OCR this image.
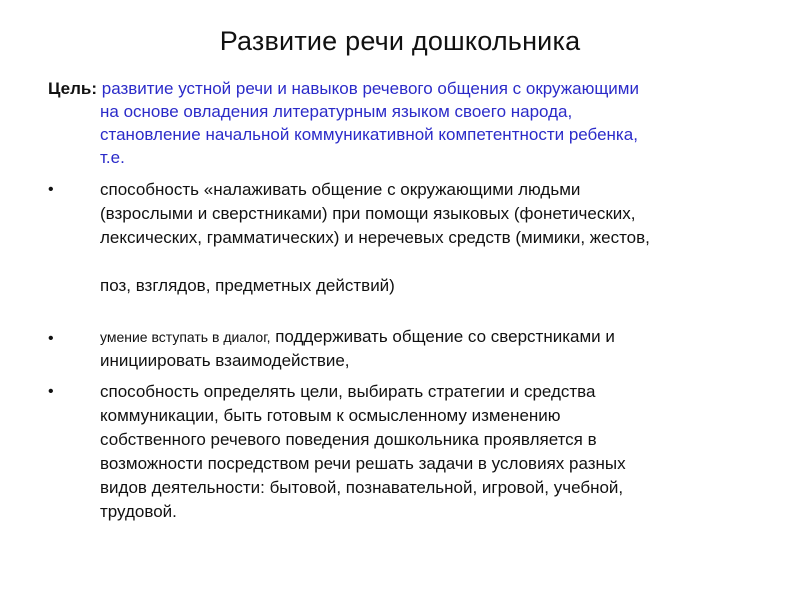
Развитие речи дошкольника
Цель: развитие устной речи и навыков речевого общения с окружающими
на основе овладения литературным языком своего народа,
становление начальной коммуникативной компетентности ребенка,
т.е.
•	способность «налаживать общение с окружающими людьми
(взрослыми и сверстниками) при помощи языковых (фонетических,
лексических, грамматических) и неречевых средств (мимики, жестов,

поз, взглядов, предметных действий)
•	умение вступать в диалог, поддерживать общение со сверстниками и
инициировать взаимодействие,
•	способность определять цели, выбирать стратегии и средства
коммуникации, быть готовым к осмысленному изменению
собственного речевого поведения дошкольника проявляется в
возможности посредством речи решать задачи в условиях разных
видов деятельности: бытовой, познавательной, игровой, учебной,
трудовой.
